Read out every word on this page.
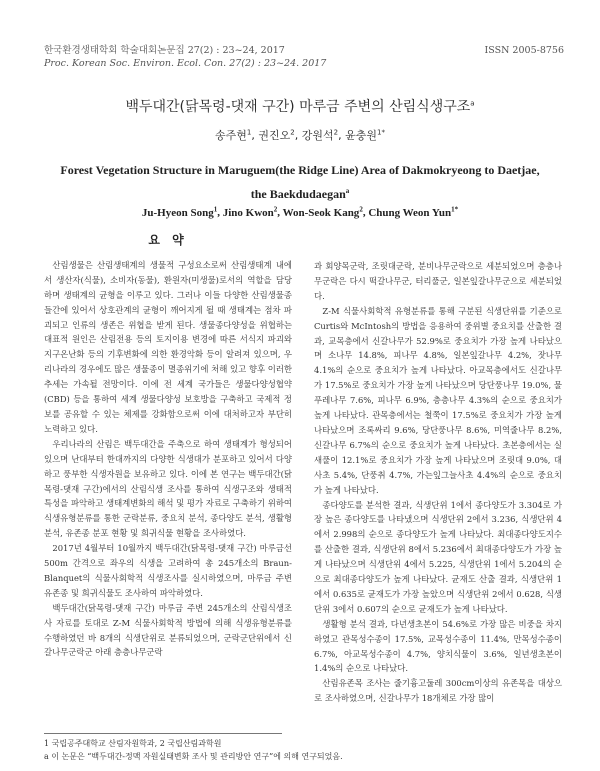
한국환경생태학회 학술대회논문집 27(2) : 23~24, 2017
Proc. Korean Soc. Environ. Ecol. Con. 27(2) : 23~24. 2017
ISSN 2005-8756
백두대간(닭목령-댓재 구간) 마루금 주변의 산림식생구조$^a$
송주현$^1$, 권진오$^2$, 강원석$^2$, 윤충원$^{1*}$
Forest Vegetation Structure in Maruguem(the Ridge Line) Area of Dakmokryeong to Daetjae,
the Baekdudaegan$^a$
Ju-Hyeon Song$^1$, Jino Kwon$^2$, Won-Seok Kang$^2$, Chung Weon Yun$^{1*}$
요 약

산림생물은 산림생태계의 생물적 구성요소로써 산림생태계 내에서 생산자(식물), 소비자(동물), 환원자(미생물)로서의 역할을 담당하며 생태계의 균형을 이루고 있다. 그러나 이들 다양한 산림생물종들간에 있어서 상호관계의 균형이 깨어지게 될 때 생태계는 점차 파괴되고 인류의 생존은 위협을 받게 된다. 생물종다양성을 위협하는 대표적 원인은 산림전용 등의 토지이용 변경에 따른 서식지 파괴와 지구온난화 등의 기후변화에 의한 환경악화 등이 알려져 있으며, 우리나라의 경우에도 많은 생물종이 멸종위기에 처해 있고 향후 이러한 추세는 가속될 전망이다. 이에 전 세계 국가들은 생물다양성협약(CBD) 등을 통하여 세계 생물다양성 보호방을 구축하고 국제적 정보를 공유할 수 있는 체제를 강화함으로써 이에 대처하고자 부단히 노력하고 있다.

우리나라의 산림은 백두대간을 주축으로 하여 생태계가 형성되어 있으며 난대부터 한대까지의 다양한 식생대가 분포하고 있어서 다양하고 풍부한 식생자원을 보유하고 있다. 이에 본 연구는 백두대간(닭목령-댓재 구간)에서의 산림식생 조사를 통하여 식생구조와 생태적 특성을 파악하고 생태계변화의 해석 및 평가 자료로 구축하기 위하여 식생유형분류를 통한 군락분류, 중요치 분석, 종다양도 분석, 생활형 분석, 유존종 분포 현황 및 희귀식물 현황을 조사하였다.

2017년 4월부터 10월까지 백두대간(닭목령-댓재 구간) 마루금선 500m 간격으로 좌우의 식생을 고려하여 총 245개소의 Braun-Blanquet의 식물사회학적 식생조사를 실시하였으며, 마루금 주변 유존종 및 희귀식물도 조사하여 파악하였다.

백두대간(닭목령-댓재 구간) 마루금 주변 245개소의 산림식생조사 자료를 토대로 Z-M 식물사회학적 방법에 의해 식생유형분류를 수행하였던 바 8개의 식생단위로 분류되었으며, 군락군단위에서 신갈나무군락군 아래 층층나무군락

과 회양목군락, 조릿대군락, 분비나무군락으로 세분되었으며 층층나무군락은 다시 떡갈나무군, 터리풀군, 일본잎갈나무군으로 세분되었다.

Z-M 식물사회학적 유형분류를 통해 구분된 식생단위를 기준으로 Curtis와 McIntosh의 방법을 응용하여 중위별 중요치를 산출한 결과, 교목층에서 신갈나무가 52.9%로 중요치가 가장 높게 나타났으며 소나무 14.8%, 피나무 4.8%, 일본잎갈나무 4.2%, 잣나무 4.1%의 순으로 중요치가 높게 나타났다. 아교목층에서도 신갈나무가 17.5%로 중요치가 가장 높게 나타났으며 당단풍나무 19.0%, 물푸레나무 7.6%, 피나무 6.9%, 층층나무 4.3%의 순으로 중요치가 높게 나타났다. 관목층에서는 철쭉이 17.5%로 중요치가 가장 높게 나타났으며 조록싸리 9.6%, 당단풍나무 8.6%, 미역줄나무 8.2%, 신갈나무 6.7%의 순으로 중요치가 높게 나타났다. 초본층에서는 실새풀이 12.1%로 중요치가 가장 높게 나타났으며 조릿대 9.0%, 대사초 5.4%, 단풍취 4.7%, 가는잎그늘사초 4.4%의 순으로 중요치가 높게 나타났다.

종다양도를 분석한 결과, 식생단위 1에서 종다양도가 3.304로 가장 높은 종다양도를 나타냈으며 식생단위 2에서 3.236, 식생단위 4에서 2.998의 순으로 종다양도가 높게 나타났다. 최대종다양도지수를 산출한 결과, 식생단위 8에서 5.236에서 최대종다양도가 가장 높게 나타났으며 식생단위 4에서 5.225, 식생단위 1에서 5.204의 순으로 최대종다양도가 높게 나타났다. 균재도 산출 결과, 식생단위 1에서 0.635로 균재도가 가장 높았으며 식생단위 2에서 0.628, 식생단위 3에서 0.607의 순으로 균재도가 높게 나타났다.

생활형 분석 결과, 다년생초본이 54.6%로 가장 많은 비중을 차지하였고 관목성수종이 17.5%, 교목성수종이 11.4%, 만목성수종이 6.7%, 아교목성수종이 4.7%, 양치식물이 3.6%, 일년생초본이 1.4%의 순으로 나타났다.

산림유존목 조사는 줄기흉고둘레 300cm이상의 유존목을 대상으로 조사하였으며, 신갈나무가 18개체로 가장 많이

1 국립공주대학교 산림자원학과, 2 국립산림과학원
a 이 논문은 “백두대간-정맥 자원실태변화 조사 및 관리방안 연구”에 의해 연구되었음.
